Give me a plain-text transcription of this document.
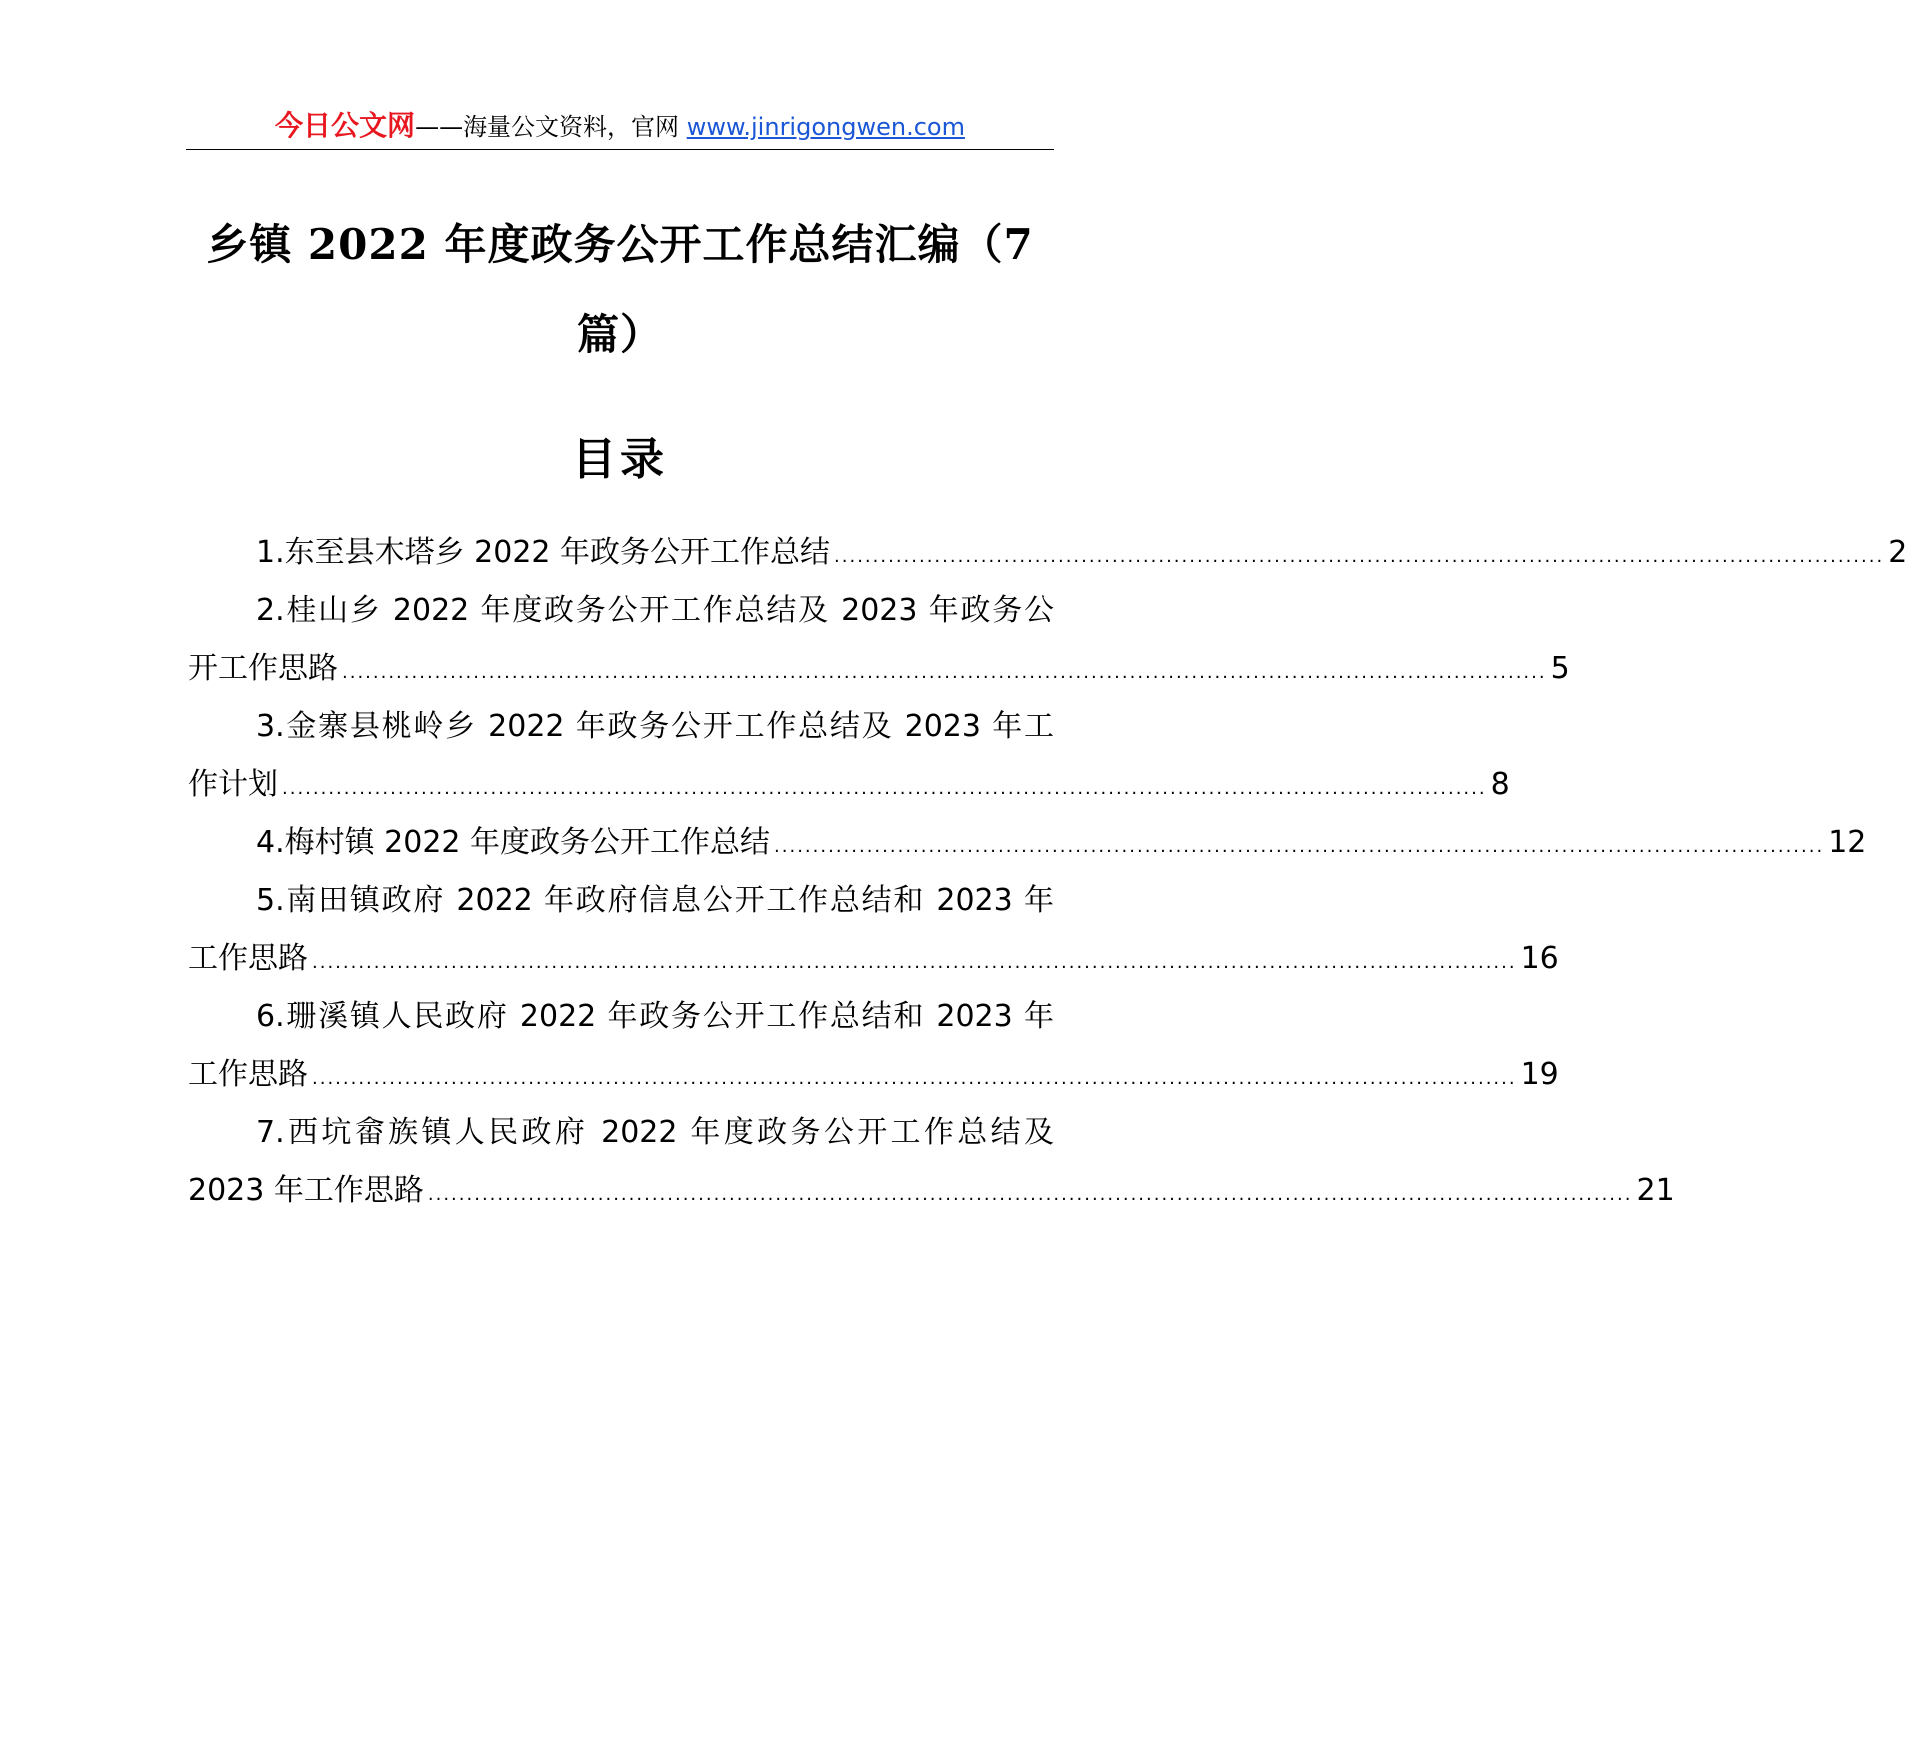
今日公文网——海量公文资料，官网 www.jinrigongwen.com
乡镇 2022 年度政务公开工作总结汇编（7
篇）
目录
1.东至县木塔乡 2022 年政务公开工作总结 ........................................................................................................................................ 2
2.桂山乡 2022 年度政务公开工作总结及 2023 年政务公
开工作思路 ............................................................................................................................................................ 5
3.金寨县桃岭乡 2022 年政务公开工作总结及 2023 年工
作计划 ............................................................................................................................................................ 8
4.梅村镇 2022 年度政务公开工作总结 ........................................................................................................................................ 12
5.南田镇政府 2022 年政府信息公开工作总结和 2023 年
工作思路 ............................................................................................................................................................ 16
6.珊溪镇人民政府 2022 年政务公开工作总结和 2023 年
工作思路 ............................................................................................................................................................ 19
7.西坑畲族镇人民政府 2022 年度政务公开工作总结及
2023 年工作思路 ............................................................................................................................................................ 21
